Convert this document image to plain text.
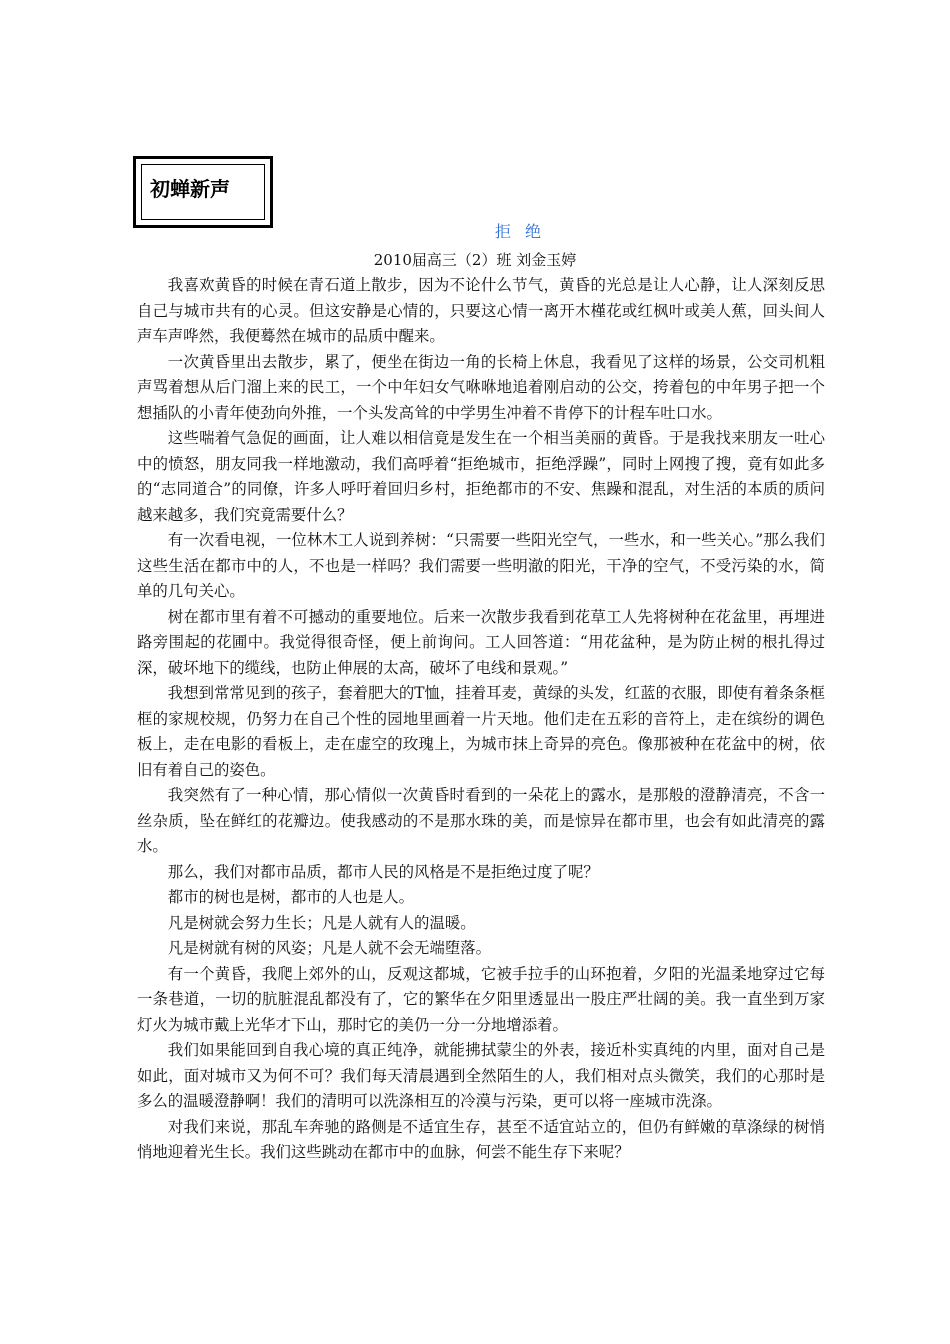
初蝉新声
拒绝
2010届高三（2）班 刘金玉婷

我喜欢黄昏的时候在青石道上散步，因为不论什么节气，黄昏的光总是让人心静，让人深刻反思自己与城市共有的心灵。但这安静是心情的，只要这心情一离开木槿花或红枫叶或美人蕉，回头间人声车声哗然，我便蓦然在城市的品质中醒来。

一次黄昏里出去散步，累了，便坐在街边一角的长椅上休息，我看见了这样的场景，公交司机粗声骂着想从后门溜上来的民工，一个中年妇女气咻咻地追着刚启动的公交，挎着包的中年男子把一个想插队的小青年使劲向外推，一个头发高耸的中学男生冲着不肯停下的计程车吐口水。

这些喘着气急促的画面，让人难以相信竟是发生在一个相当美丽的黄昏。于是我找来朋友一吐心中的愤怒，朋友同我一样地激动，我们高呼着“拒绝城市，拒绝浮躁”，同时上网搜了搜，竟有如此多的“志同道合”的同僚，许多人呼吁着回归乡村，拒绝都市的不安、焦躁和混乱，对生活的本质的质问越来越多，我们究竟需要什么？

有一次看电视，一位林木工人说到养树：“只需要一些阳光空气，一些水，和一些关心。”那么我们这些生活在都市中的人，不也是一样吗？我们需要一些明澈的阳光，干净的空气，不受污染的水，简单的几句关心。

树在都市里有着不可撼动的重要地位。后来一次散步我看到花草工人先将树种在花盆里，再埋进路旁围起的花圃中。我觉得很奇怪，便上前询问。工人回答道：“用花盆种，是为防止树的根扎得过深，破坏地下的缆线，也防止伸展的太高，破坏了电线和景观。”

我想到常常见到的孩子，套着肥大的T恤，挂着耳麦，黄绿的头发，红蓝的衣服，即使有着条条框框的家规校规，仍努力在自己个性的园地里画着一片天地。他们走在五彩的音符上，走在缤纷的调色板上，走在电影的看板上，走在虚空的玫瑰上，为城市抹上奇异的亮色。像那被种在花盆中的树，依旧有着自己的姿色。

我突然有了一种心情，那心情似一次黄昏时看到的一朵花上的露水，是那般的澄静清亮，不含一丝杂质，坠在鲜红的花瓣边。使我感动的不是那水珠的美，而是惊异在都市里，也会有如此清亮的露水。

那么，我们对都市品质，都市人民的风格是不是拒绝过度了呢？

都市的树也是树，都市的人也是人。

凡是树就会努力生长；凡是人就有人的温暖。

凡是树就有树的风姿；凡是人就不会无端堕落。

有一个黄昏，我爬上郊外的山，反观这都城，它被手拉手的山环抱着，夕阳的光温柔地穿过它每一条巷道，一切的肮脏混乱都没有了，它的繁华在夕阳里透显出一股庄严壮阔的美。我一直坐到万家灯火为城市戴上光华才下山，那时它的美仍一分一分地增添着。

我们如果能回到自我心境的真正纯净，就能拂拭蒙尘的外表，接近朴实真纯的内里，面对自己是如此，面对城市又为何不可？我们每天清晨遇到全然陌生的人，我们相对点头微笑，我们的心那时是多么的温暖澄静啊！我们的清明可以洗涤相互的冷漠与污染，更可以将一座城市洗涤。

对我们来说，那乱车奔驰的路侧是不适宜生存，甚至不适宜站立的，但仍有鲜嫩的草涤绿的树悄悄地迎着光生长。我们这些跳动在都市中的血脉，何尝不能生存下来呢？
